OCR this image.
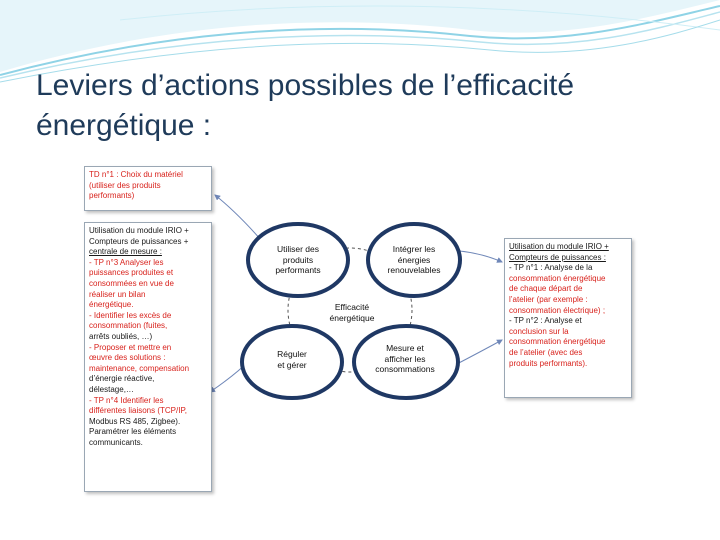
Leviers d’actions possibles de l’efficacité
énergétique :
Utiliser des
produits
performants
Intégrer les
énergies
renouvelables
Réguler
et gérer
Mesure et
afficher les
consommations
Efficacité
énergétique
TD n°1 : Choix du matériel
(utiliser des produits
performants)
Utilisation du module IRIO +
Compteurs de puissances +
centrale de mesure :
- TP n°3 Analyser les
puissances produites et
consommées en vue de
réaliser un bilan
énergétique.
- Identifier les excès de
consommation (fuites,
arrêts oubliés, …)
- Proposer et mettre en
œuvre des solutions :
maintenance, compensation
d’énergie réactive,
délestage,…
- TP n°4 Identifier les
différentes liaisons (TCP/IP,
Modbus RS 485, Zigbee).
Paramétrer les éléments
communicants.
Utilisation du module IRIO +
Compteurs de puissances :
- TP n°1 : Analyse de la
consommation énergétique
de chaque départ de
l’atelier (par exemple :
consommation électrique) ;
- TP n°2 : Analyse et
conclusion sur la
consommation énergétique
de l’atelier (avec des
produits performants).
